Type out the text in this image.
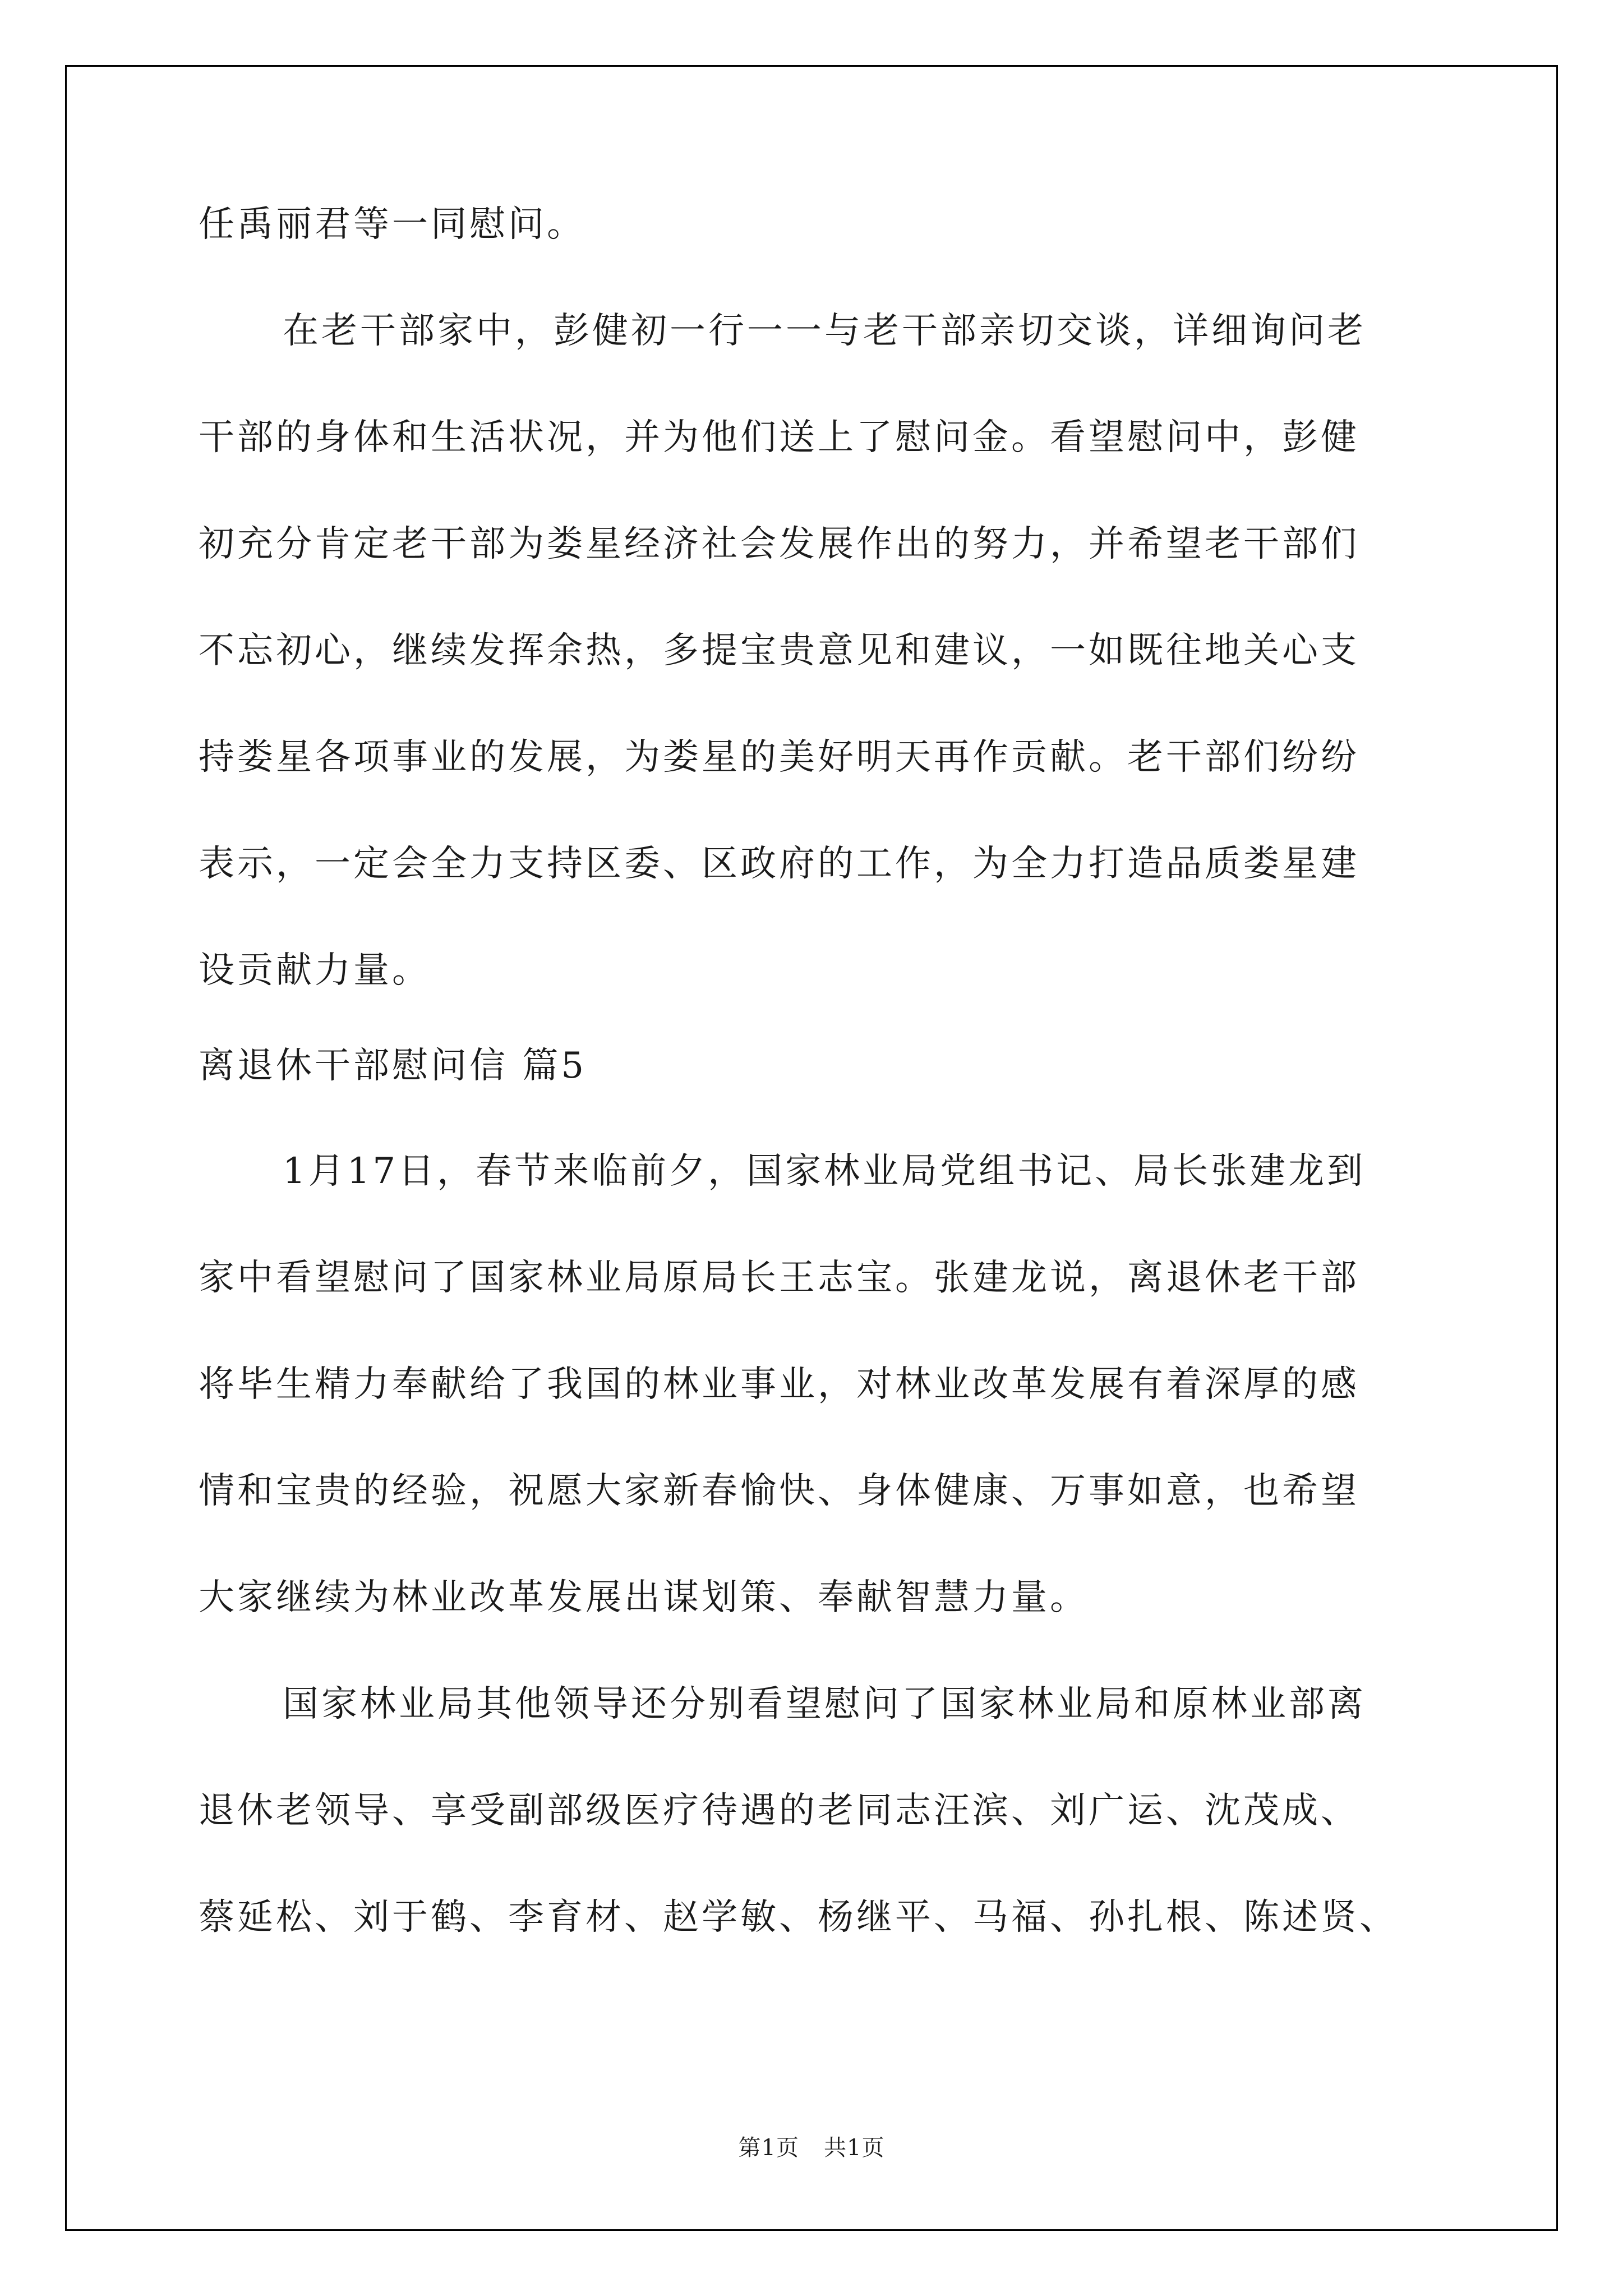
任禹丽君等一同慰问。
在老干部家中，彭健初一行一一与老干部亲切交谈，详细询问老
干部的身体和生活状况，并为他们送上了慰问金。看望慰问中，彭健
初充分肯定老干部为娄星经济社会发展作出的努力，并希望老干部们
不忘初心，继续发挥余热，多提宝贵意见和建议，一如既往地关心支
持娄星各项事业的发展，为娄星的美好明天再作贡献。老干部们纷纷
表示，一定会全力支持区委、区政府的工作，为全力打造品质娄星建
设贡献力量。
离退休干部慰问信 篇5
1月17日，春节来临前夕，国家林业局党组书记、局长张建龙到
家中看望慰问了国家林业局原局长王志宝。张建龙说，离退休老干部
将毕生精力奉献给了我国的林业事业，对林业改革发展有着深厚的感
情和宝贵的经验，祝愿大家新春愉快、身体健康、万事如意，也希望
大家继续为林业改革发展出谋划策、奉献智慧力量。
国家林业局其他领导还分别看望慰问了国家林业局和原林业部离
退休老领导、享受副部级医疗待遇的老同志汪滨、刘广运、沈茂成、
蔡延松、刘于鹤、李育材、赵学敏、杨继平、马福、孙扎根、陈述贤、
第1页 共1页
